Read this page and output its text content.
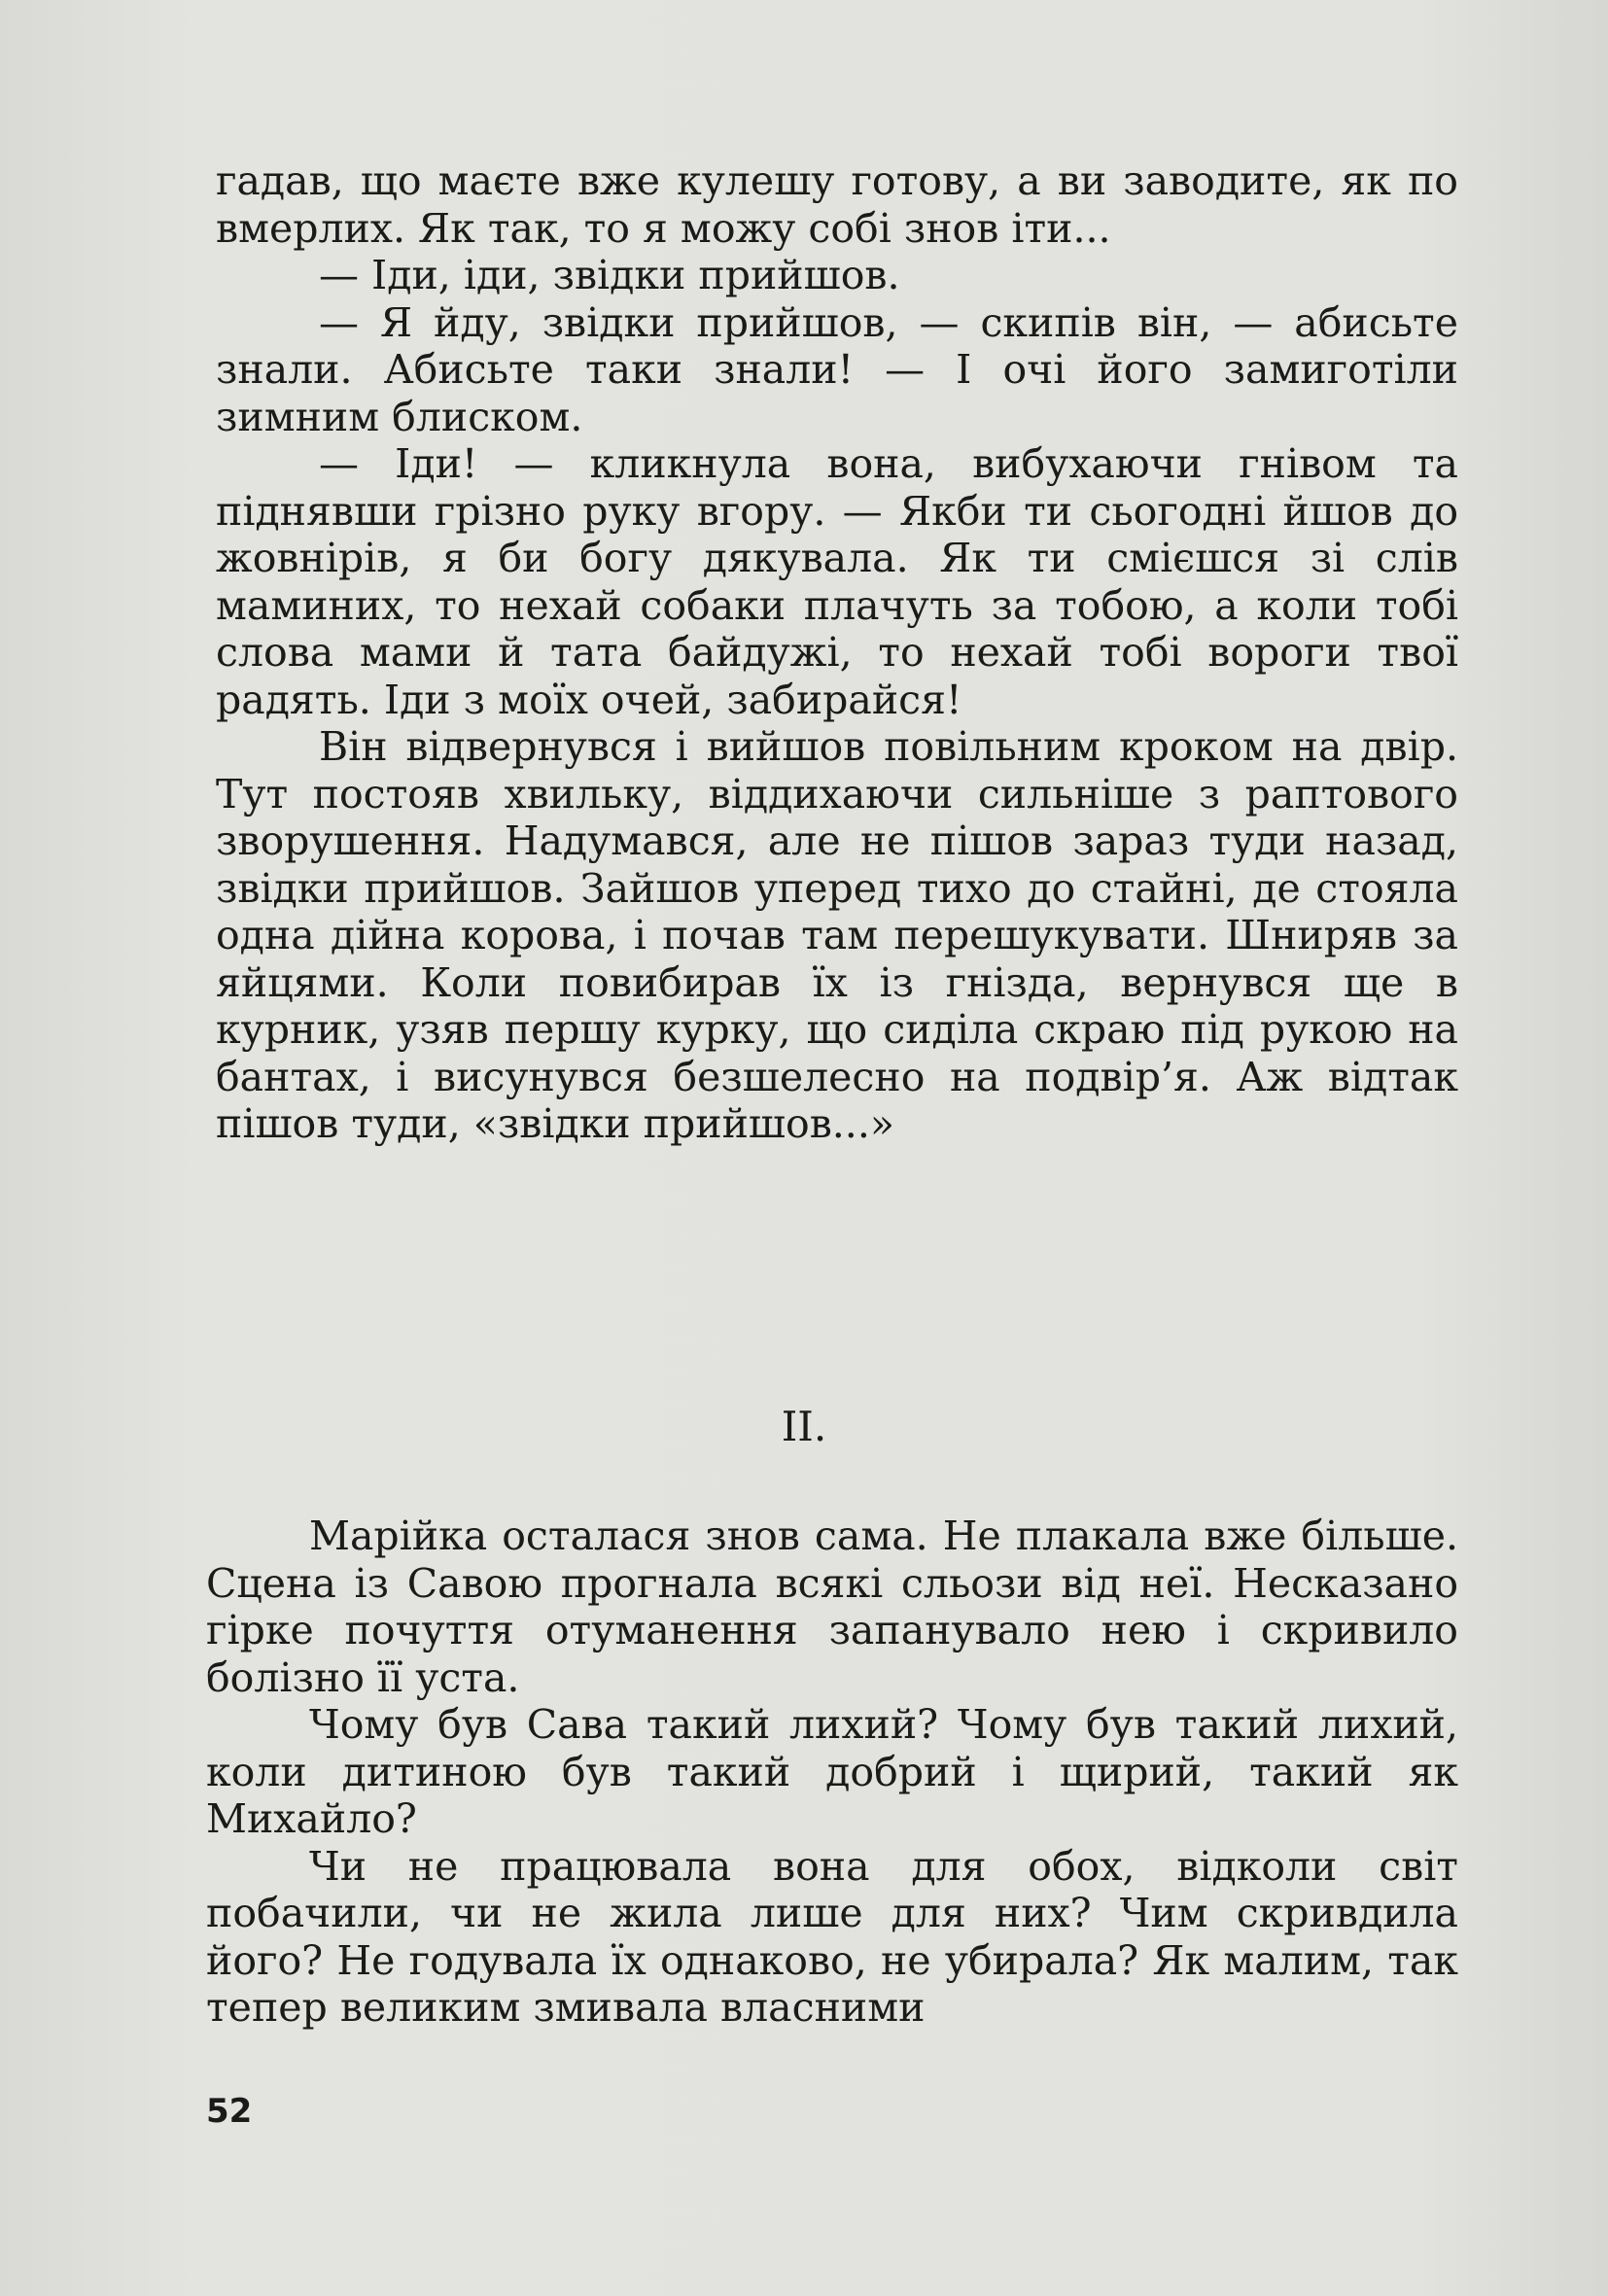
гадав, що маєте вже кулешу готову, а ви заводите, як по вмерлих. Як так, то я можу собі знов іти...

— Іди, іди, звідки прийшов.

— Я йду, звідки прийшов, — скипів він, — абисьте знали. Абисьте таки знали! — І очі його замиготіли зимним блиском.

— Іди! — кликнула вона, вибухаючи гнівом та піднявши грізно руку вгору. — Якби ти сьогодні йшов до жовнірів, я би богу дякувала. Як ти смієшся зі слів маминих, то нехай собаки плачуть за тобою, а коли тобі слова мами й тата байдужі, то нехай тобі вороги твої радять. Іди з моїх очей, забирайся!

Він відвернувся і вийшов повільним кроком на двір. Тут постояв хвильку, віддихаючи сильніше з раптового зворушення. Надумався, але не пішов зараз туди назад, звідки прийшов. Зайшов уперед тихо до стайні, де стояла одна дійна корова, і почав там перешукувати. Шниряв за яйцями. Коли повибирав їх із гнізда, вернувся ще в курник, узяв першу курку, що сиділа скраю під рукою на бантах, і висунувся безшелесно на подвір’я. Аж відтак пішов туди, «звідки прийшов...»

II.

Марійка осталася знов сама. Не плакала вже більше. Сцена із Савою прогнала всякі сльози від неї. Несказано гірке почуття отуманення запанувало нею і скривило болізно її уста.

Чому був Сава такий лихий? Чому був такий лихий, коли дитиною був такий добрий і щирий, такий як Михайло?

Чи не працювала вона для обох, відколи світ побачили, чи не жила лише для них? Чим скривдила його? Не годувала їх однаково, не убирала? Як малим, так тепер великим змивала власними

52
